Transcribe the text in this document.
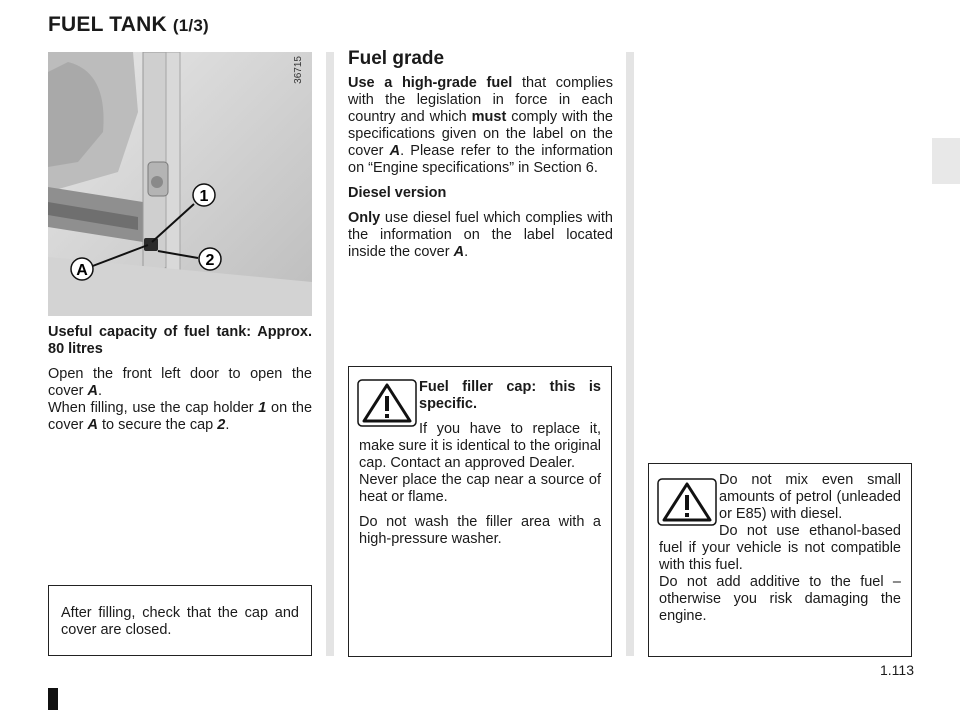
FUEL TANK (1/3)
1
2
A
36715

Useful capacity of fuel tank: Approx. 80 litres

Open the front left door to open the cover A.

When filling, use the cap holder 1 on the cover A to secure the cap 2.

After filling, check that the cap and cover are closed.
Fuel grade

Use a high-grade fuel that complies with the legislation in force in each country and which must comply with the specifications given on the label on the cover A. Please refer to the information on “Engine specifications” in Section 6.

Diesel version

Only use diesel fuel which complies with the information on the label located inside the cover A.

Fuel filler cap: this is specific.

If you have to replace it, make sure it is identical to the original cap. Contact an approved Dealer.

Never place the cap near a source of heat or flame.

Do not wash the filler area with a high-pressure washer.

Do not mix even small amounts of petrol (unleaded or E85) with diesel.

Do not use ethanol-based fuel if your vehicle is not compatible with this fuel.

Do not add additive to the fuel – otherwise you risk damaging the engine.

1.113
